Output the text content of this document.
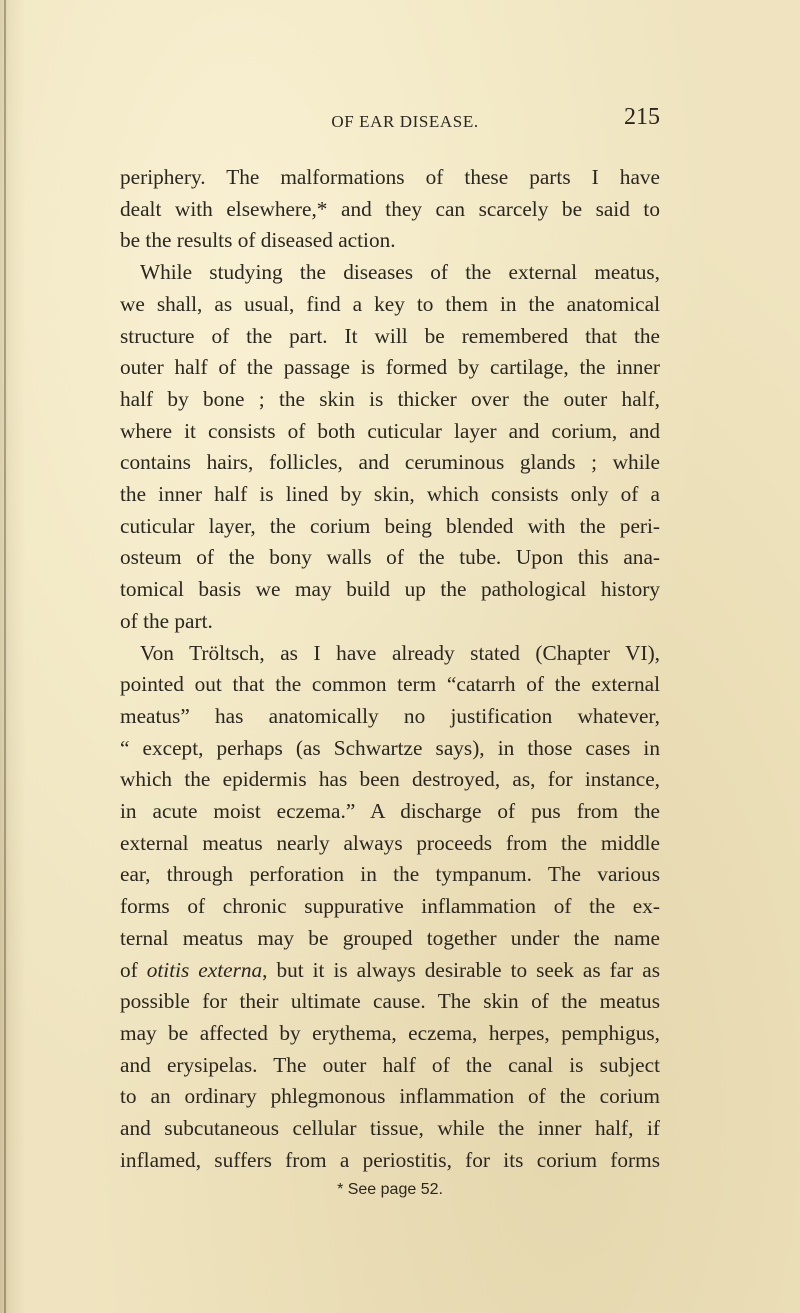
OF EAR DISEASE.	215
periphery. The malformations of these parts I have
dealt with elsewhere,* and they can scarcely be said to
be the results of diseased action.
While studying the diseases of the external meatus,
we shall, as usual, find a key to them in the anatomical
structure of the part. It will be remembered that the
outer half of the passage is formed by cartilage, the inner
half by bone ; the skin is thicker over the outer half,
where it consists of both cuticular layer and corium, and
contains hairs, follicles, and ceruminous glands ; while
the inner half is lined by skin, which consists only of a
cuticular layer, the corium being blended with the peri-
osteum of the bony walls of the tube. Upon this ana-
tomical basis we may build up the pathological history
of the part.
Von Tröltsch, as I have already stated (Chapter VI),
pointed out that the common term “catarrh of the external
meatus” has anatomically no justification whatever,
“ except, perhaps (as Schwartze says), in those cases in
which the epidermis has been destroyed, as, for instance,
in acute moist eczema.” A discharge of pus from the
external meatus nearly always proceeds from the middle
ear, through perforation in the tympanum. The various
forms of chronic suppurative inflammation of the ex-
ternal meatus may be grouped together under the name
of otitis externa, but it is always desirable to seek as far as
possible for their ultimate cause. The skin of the meatus
may be affected by erythema, eczema, herpes, pemphigus,
and erysipelas. The outer half of the canal is subject
to an ordinary phlegmonous inflammation of the corium
and subcutaneous cellular tissue, while the inner half, if
inflamed, suffers from a periostitis, for its corium forms
* See page 52.
